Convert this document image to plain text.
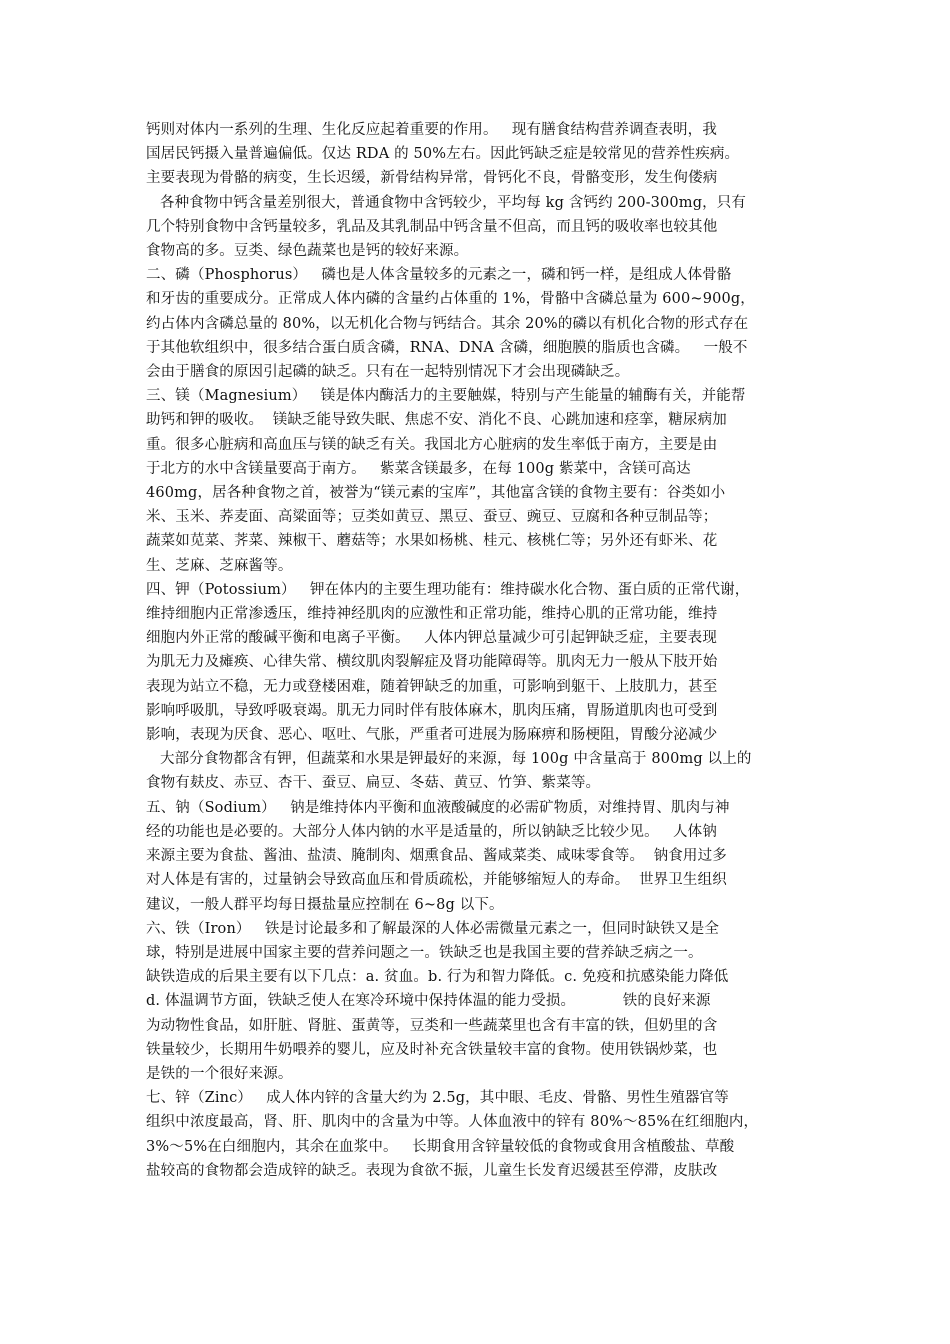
钙则对体内一系列的生理、生化反应起着重要的作用。   现有膳食结构营养调查表明，我
国居民钙摄入量普遍偏低。仅达 RDA 的 50%左右。因此钙缺乏症是较常见的营养性疾病。
主要表现为骨骼的病变，生长迟缓，新骨结构异常，骨钙化不良，骨骼变形，发生佝偻病
各种食物中钙含量差别很大，普通食物中含钙较少，平均每 kg 含钙约 200-300mg，只有
几个特别食物中含钙量较多，乳品及其乳制品中钙含量不但高，而且钙的吸收率也较其他
食物高的多。豆类、绿色蔬菜也是钙的较好来源。
二、磷（Phosphorus）   磷也是人体含量较多的元素之一，磷和钙一样，是组成人体骨骼
和牙齿的重要成分。正常成人体内磷的含量约占体重的 1%，骨骼中含磷总量为 600~900g，
约占体内含磷总量的 80%，以无机化合物与钙结合。其余 20%的磷以有机化合物的形式存在
于其他软组织中，很多结合蛋白质含磷，RNA、DNA 含磷，细胞膜的脂质也含磷。   一般不
会由于膳食的原因引起磷的缺乏。只有在一起特别情况下才会出现磷缺乏。
三、镁（Magnesium）   镁是体内酶活力的主要触媒，特别与产生能量的辅酶有关，并能帮
助钙和钾的吸收。  镁缺乏能导致失眠、焦虑不安、消化不良、心跳加速和痉挛，糖尿病加
重。很多心脏病和高血压与镁的缺乏有关。我国北方心脏病的发生率低于南方，主要是由
于北方的水中含镁量要高于南方。   紫菜含镁最多，在每 100g 紫菜中，含镁可高达
460mg，居各种食物之首，被誉为“镁元素的宝库”，其他富含镁的食物主要有：谷类如小
米、玉米、荞麦面、高粱面等；豆类如黄豆、黑豆、蚕豆、豌豆、豆腐和各种豆制品等；
蔬菜如苋菜、荠菜、辣椒干、蘑菇等；水果如杨桃、桂元、核桃仁等；另外还有虾米、花
生、芝麻、芝麻酱等。
四、钾（Potossium）   钾在体内的主要生理功能有：维持碳水化合物、蛋白质的正常代谢，
维持细胞内正常渗透压，维持神经肌肉的应激性和正常功能，维持心肌的正常功能，维持
细胞内外正常的酸碱平衡和电离子平衡。   人体内钾总量减少可引起钾缺乏症，主要表现
为肌无力及瘫痪、心律失常、横纹肌肉裂解症及肾功能障碍等。肌肉无力一般从下肢开始
表现为站立不稳，无力或登楼困难，随着钾缺乏的加重，可影响到躯干、上肢肌力，甚至
影响呼吸肌，导致呼吸衰竭。肌无力同时伴有肢体麻木，肌肉压痛，胃肠道肌肉也可受到
影响，表现为厌食、恶心、呕吐、气胀，严重者可进展为肠麻痹和肠梗阻，胃酸分泌减少
大部分食物都含有钾，但蔬菜和水果是钾最好的来源，每 100g 中含量高于 800mg 以上的
食物有麸皮、赤豆、杏干、蚕豆、扁豆、冬菇、黄豆、竹笋、紫菜等。
五、钠（Sodium）   钠是维持体内平衡和血液酸碱度的必需矿物质，对维持胃、肌肉与神
经的功能也是必要的。大部分人体内钠的水平是适量的，所以钠缺乏比较少见。   人体钠
来源主要为食盐、酱油、盐渍、腌制肉、烟熏食品、酱咸菜类、咸味零食等。  钠食用过多
对人体是有害的，过量钠会导致高血压和骨质疏松，并能够缩短人的寿命。  世界卫生组织
建议，一般人群平均每日摄盐量应控制在 6~8g 以下。
六、铁（Iron）   铁是讨论最多和了解最深的人体必需微量元素之一，但同时缺铁又是全
球，特别是进展中国家主要的营养问题之一。铁缺乏也是我国主要的营养缺乏病之一。
缺铁造成的后果主要有以下几点：a. 贫血。b. 行为和智力降低。c. 免疫和抗感染能力降低
d. 体温调节方面，铁缺乏使人在寒冷环境中保持体温的能力受损。          铁的良好来源
为动物性食品，如肝脏、肾脏、蛋黄等，豆类和一些蔬菜里也含有丰富的铁，但奶里的含
铁量较少，长期用牛奶喂养的婴儿，应及时补充含铁量较丰富的食物。使用铁锅炒菜，也
是铁的一个很好来源。
七、锌（Zinc）   成人体内锌的含量大约为 2.5g，其中眼、毛皮、骨骼、男性生殖器官等
组织中浓度最高，肾、肝、肌肉中的含量为中等。人体血液中的锌有 80%～85%在红细胞内，
3%～5%在白细胞内，其余在血浆中。   长期食用含锌量较低的食物或食用含植酸盐、草酸
盐较高的食物都会造成锌的缺乏。表现为食欲不振，儿童生长发育迟缓甚至停滞，皮肤改
